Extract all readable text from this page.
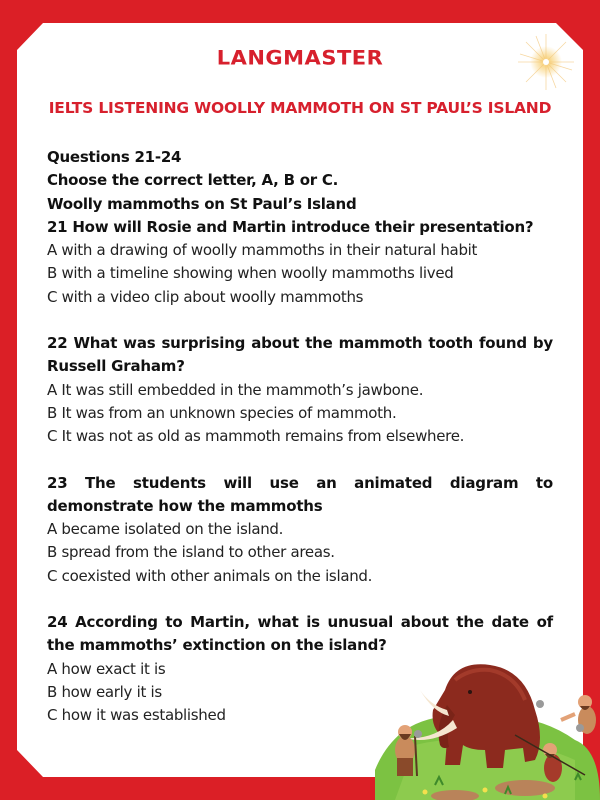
LANGMASTER
IELTS LISTENING WOOLLY MAMMOTH ON ST PAUL’S ISLAND
Questions 21-24
Choose the correct letter, A, B or C.
Woolly mammoths on St Paul’s Island
21 How will Rosie and Martin introduce their presentation?
A with a drawing of woolly mammoths in their natural habit
B with a timeline showing when woolly mammoths lived
C with a video clip about woolly mammoths
22 What was surprising about the mammoth tooth found by Russell Graham?
A It was still embedded in the mammoth’s jawbone.
B It was from an unknown species of mammoth.
C It was not as old as mammoth remains from elsewhere.
23 The students will use an animated diagram to demonstrate how the mammoths
A became isolated on the island.
B spread from the island to other areas.
C coexisted with other animals on the island.
24 According to Martin, what is unusual about the date of the mammoths’ extinction on the island?
A how exact it is
B how early it is
C how it was established
